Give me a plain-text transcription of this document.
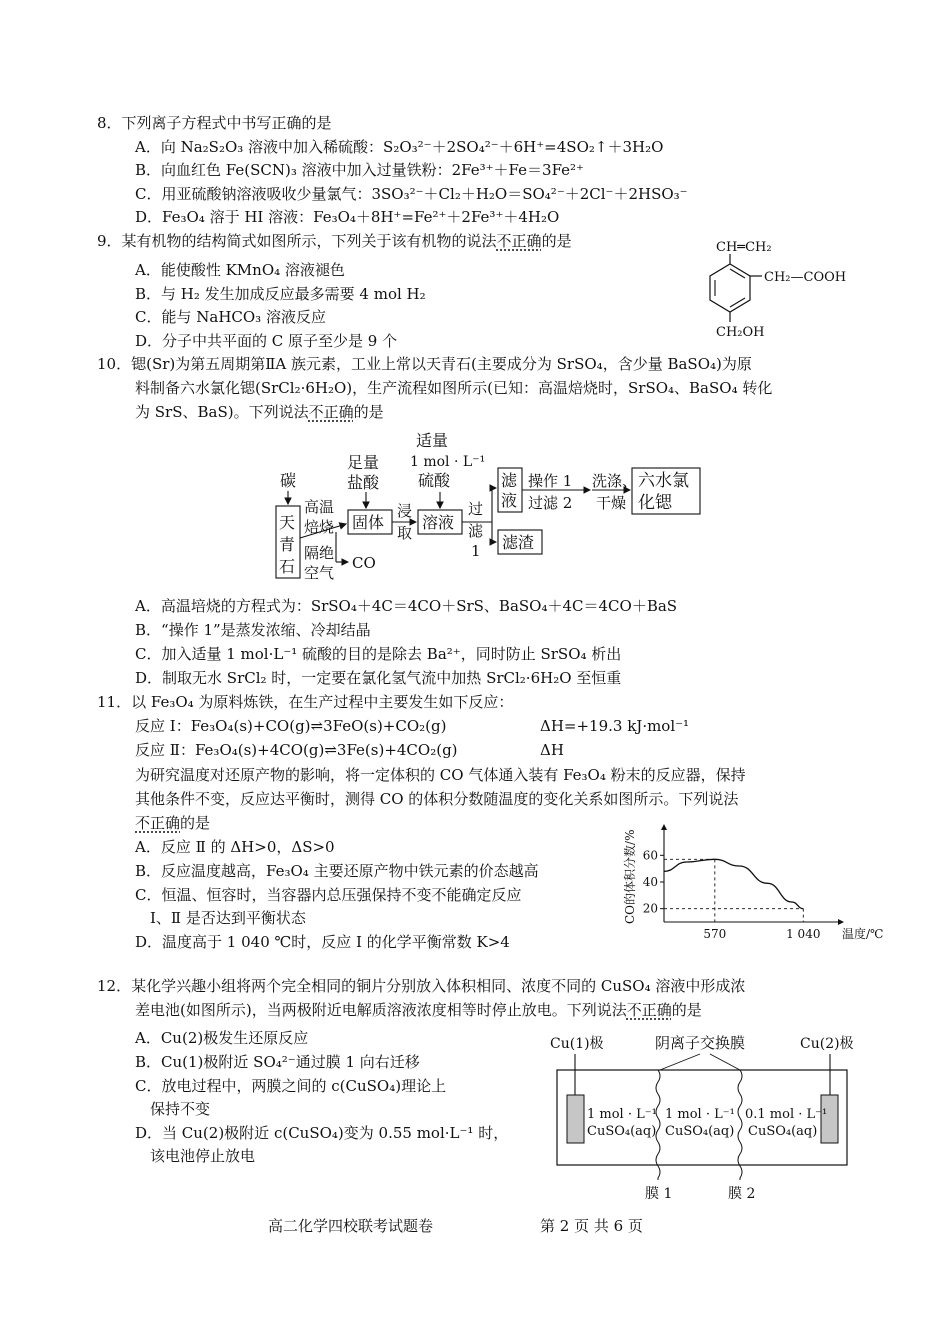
8．下列离子方程式中书写正确的是
A．向 Na₂S₂O₃ 溶液中加入稀硫酸：S₂O₃²⁻＋2SO₄²⁻＋6H⁺=4SO₂↑＋3H₂O
B．向血红色 Fe(SCN)₃ 溶液中加入过量铁粉：2Fe³⁺＋Fe＝3Fe²⁺
C．用亚硫酸钠溶液吸收少量氯气：3SO₃²⁻＋Cl₂＋H₂O＝SO₄²⁻＋2Cl⁻＋2HSO₃⁻
D．Fe₃O₄ 溶于 HI 溶液：Fe₃O₄＋8H⁺=Fe²⁺＋2Fe³⁺＋4H₂O
9．某有机物的结构简式如图所示，下列关于该有机物的说法不正确的是
A．能使酸性 KMnO₄ 溶液褪色
B．与 H₂ 发生加成反应最多需要 4 mol H₂
C．能与 NaHCO₃ 溶液反应
D．分子中共平面的 C 原子至少是 9 个
CH═CH₂
CH₂—COOH
CH₂OH
10．锶(Sr)为第五周期第ⅡA 族元素，工业上常以天青石(主要成分为 SrSO₄，含少量 BaSO₄)为原
料制备六水氯化锶(SrCl₂·6H₂O)，生产流程如图所示(已知：高温焙烧时，SrSO₄、BaSO₄ 转化
为 SrS、BaS)。下列说法不正确的是
碳
天
青
石
高温
焙烧
隔绝
空气
CO
足量
盐酸
固体
浸
取
适量
1 mol · L⁻¹
硫酸
溶液
过
滤
1
滤
液
滤渣
操作 1
过滤 2
洗涤、
干燥
六水氯
化锶
A．高温培烧的方程式为：SrSO₄＋4C＝4CO＋SrS、BaSO₄＋4C＝4CO＋BaS
B．“操作 1”是蒸发浓缩、冷却结晶
C．加入适量 1 mol·L⁻¹ 硫酸的目的是除去 Ba²⁺，同时防止 SrSO₄ 析出
D．制取无水 SrCl₂ 时，一定要在氯化氢气流中加热 SrCl₂·6H₂O 至恒重
11．以 Fe₃O₄ 为原料炼铁，在生产过程中主要发生如下反应：
反应 Ⅰ：Fe₃O₄(s)+CO(g)⇌3FeO(s)+CO₂(g)	ΔH=+19.3 kJ·mol⁻¹
反应 Ⅱ：Fe₃O₄(s)+4CO(g)⇌3Fe(s)+4CO₂(g)	ΔH
为研究温度对还原产物的影响，将一定体积的 CO 气体通入装有 Fe₃O₄ 粉末的反应器，保持
其他条件不变，反应达平衡时，测得 CO 的体积分数随温度的变化关系如图所示。下列说法
不正确的是
A．反应 Ⅱ 的 ΔH>0，ΔS>0
B．反应温度越高，Fe₃O₄ 主要还原产物中铁元素的价态越高
C．恒温、恒容时，当容器内总压强保持不变不能确定反应
Ⅰ、Ⅱ 是否达到平衡状态
D．温度高于 1 040 ℃时，反应 Ⅰ 的化学平衡常数 K>4
20
40
60
570	1 040 温度/℃
CO的体积分数/%
12．某化学兴趣小组将两个完全相同的铜片分别放入体积相同、浓度不同的 CuSO₄ 溶液中形成浓
差电池(如图所示)，当两极附近电解质溶液浓度相等时停止放电。下列说法不正确的是
A．Cu(2)极发生还原反应
B．Cu(1)极附近 SO₄²⁻通过膜 1 向右迁移
C．放电过程中，两膜之间的 c(CuSO₄)理论上
保持不变
D．当 Cu(2)极附近 c(CuSO₄)变为 0.55 mol·L⁻¹ 时，
该电池停止放电
Cu(1)极	阴离子交换膜	Cu(2)极
1 mol · L⁻¹
CuSO₄(aq)
1 mol · L⁻¹
CuSO₄(aq)
0.1 mol · L⁻¹
CuSO₄(aq)
膜 1	膜 2
高二化学四校联考试题卷	第 2 页 共 6 页
